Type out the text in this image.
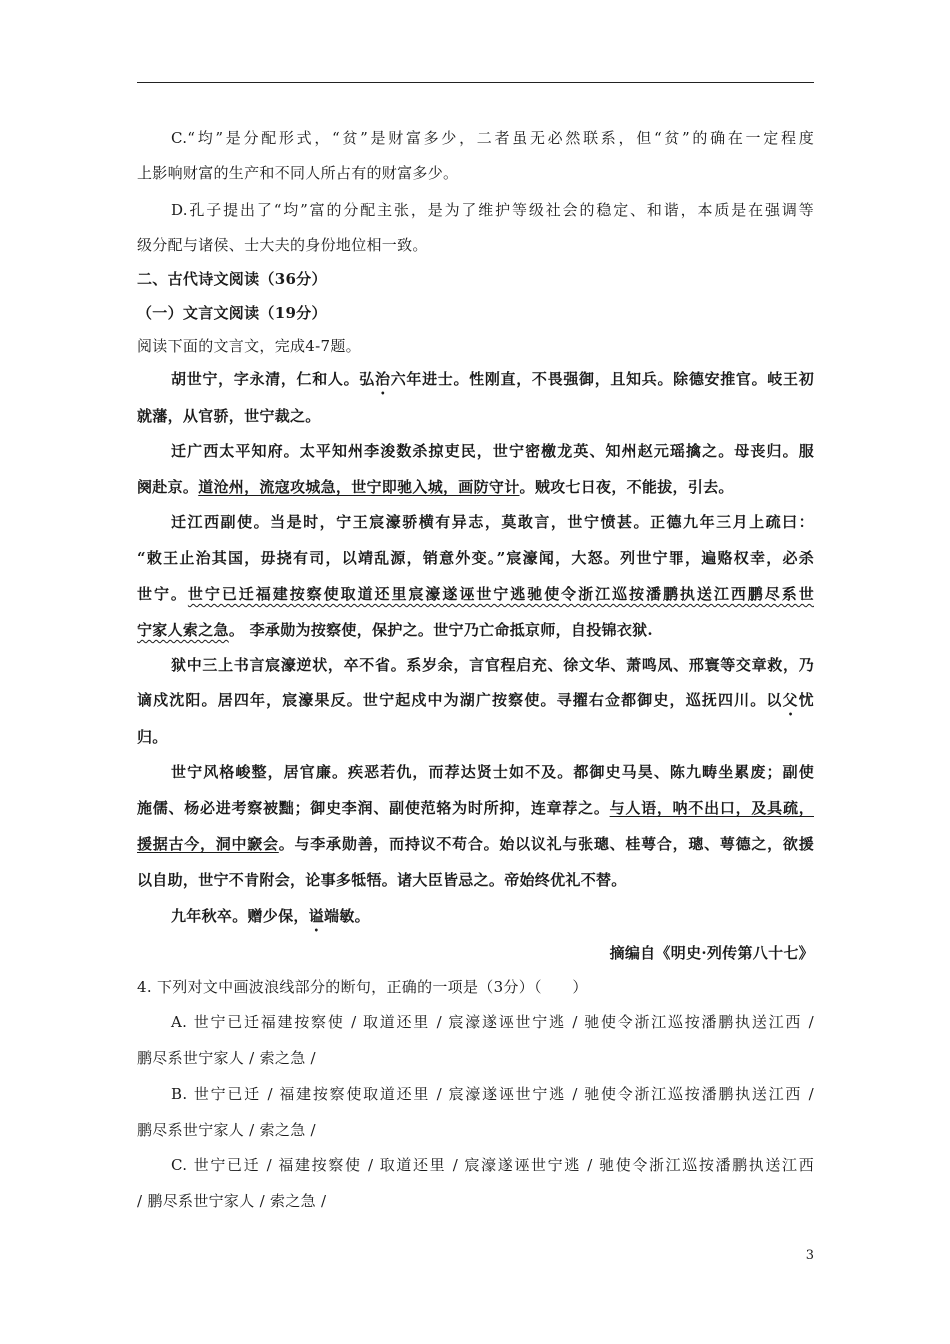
C.“均”是分配形式，“贫”是财富多少，二者虽无必然联系，但“贫”的确在一定程度
上影响财富的生产和不同人所占有的财富多少。
D.孔子提出了“均”富的分配主张，是为了维护等级社会的稳定、和谐，本质是在强调等
级分配与诸侯、士大夫的身份地位相一致。
二、古代诗文阅读（36分）
（一）文言文阅读（19分）
阅读下面的文言文，完成4-7题。
胡世宁，字永清，仁和人。弘治六年进士。性刚直，不畏强御，且知兵。除德安推官。岐王初
就藩，从官骄，世宁裁之。
迁广西太平知府。太平知州李浚数杀掠吏民，世宁密檄龙英、知州赵元瑶擒之。母丧归。服
阕赴京。道沧州，流寇攻城急，世宁即驰入城，画防守计。贼攻七日夜，不能拔，引去。
迁江西副使。当是时，宁王宸濠骄横有异志，莫敢言，世宁愤甚。正德九年三月上疏曰：
“敕王止治其国，毋挠有司，以靖乱源，销意外变。”宸濠闻，大怒。列世宁罪，遍赂权幸，必杀
世宁。世宁已迁福建按察使取道还里宸濠遂诬世宁逃驰使令浙江巡按潘鹏执送江西鹏尽系世
宁家人索之急。 李承勋为按察使，保护之。世宁乃亡命抵京师，自投锦衣狱.
狱中三上书言宸濠逆状，卒不省。系岁余，言官程启充、徐文华、萧鸣凤、邢寰等交章救，乃
谪戍沈阳。居四年，宸濠果反。世宁起戍中为湖广按察使。寻擢右佥都御史，巡抚四川。以父忧
归。
世宁风格峻整，居官廉。疾恶若仇，而荐达贤士如不及。都御史马昊、陈九畴坐累废；副使
施儒、杨必进考察被黜；御史李润、副使范辂为时所抑，连章荐之。与人语，呐不出口，及具疏，
援据古今，洞中窾会。与李承勋善，而持议不苟合。始以议礼与张璁、桂萼合，璁、萼德之，欲援
以自助，世宁不肯附会，论事多牴牾。诸大臣皆忌之。帝始终优礼不替。
九年秋卒。赠少保，谥端敏。
摘编自《明史·列传第八十七》
4. 下列对文中画波浪线部分的断句，正确的一项是（3分）（　　）
A. 世宁已迁福建按察使 / 取道还里 / 宸濠遂诬世宁逃 / 驰使令浙江巡按潘鹏执送江西 /
鹏尽系世宁家人 / 索之急 /
B. 世宁已迁 / 福建按察使取道还里 / 宸濠遂诬世宁逃 / 驰使令浙江巡按潘鹏执送江西 /
鹏尽系世宁家人 / 索之急 /
C. 世宁已迁 / 福建按察使 / 取道还里 / 宸濠遂诬世宁逃 / 驰使令浙江巡按潘鹏执送江西
/ 鹏尽系世宁家人 / 索之急 /
3
